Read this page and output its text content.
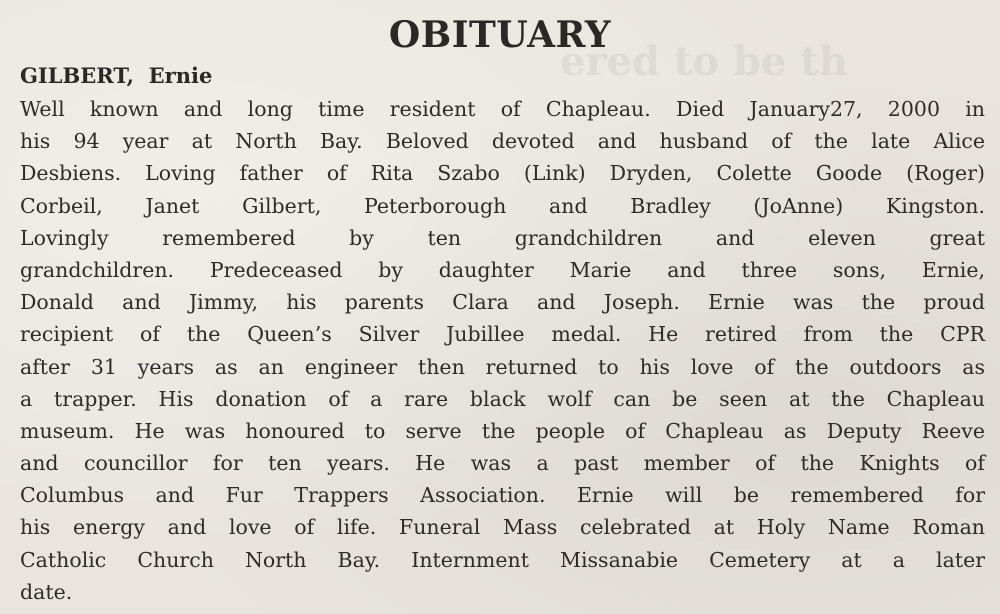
ered to be th
OBITUARY

GILBERT, Ernie

Well known and long time resident of Chapleau. Died January27, 2000 in
his 94 year at North Bay. Beloved devoted and husband of the late Alice
Desbiens. Loving father of Rita Szabo (Link) Dryden, Colette Goode (Roger)
Corbeil, Janet Gilbert, Peterborough and Bradley (JoAnne) Kingston.
Lovingly remembered by ten grandchildren and eleven great
grandchildren. Predeceased by daughter Marie and three sons, Ernie,
Donald and Jimmy, his parents Clara and Joseph. Ernie was the proud
recipient of the Queen’s Silver Jubillee medal. He retired from the CPR
after 31 years as an engineer then returned to his love of the outdoors as
a trapper. His donation of a rare black wolf can be seen at the Chapleau
museum. He was honoured to serve the people of Chapleau as Deputy Reeve
and councillor for ten years. He was a past member of the Knights of
Columbus and Fur Trappers Association. Ernie will be remembered for
his energy and love of life. Funeral Mass celebrated at Holy Name Roman
Catholic Church North Bay. Internment Missanabie Cemetery at a later
date.
